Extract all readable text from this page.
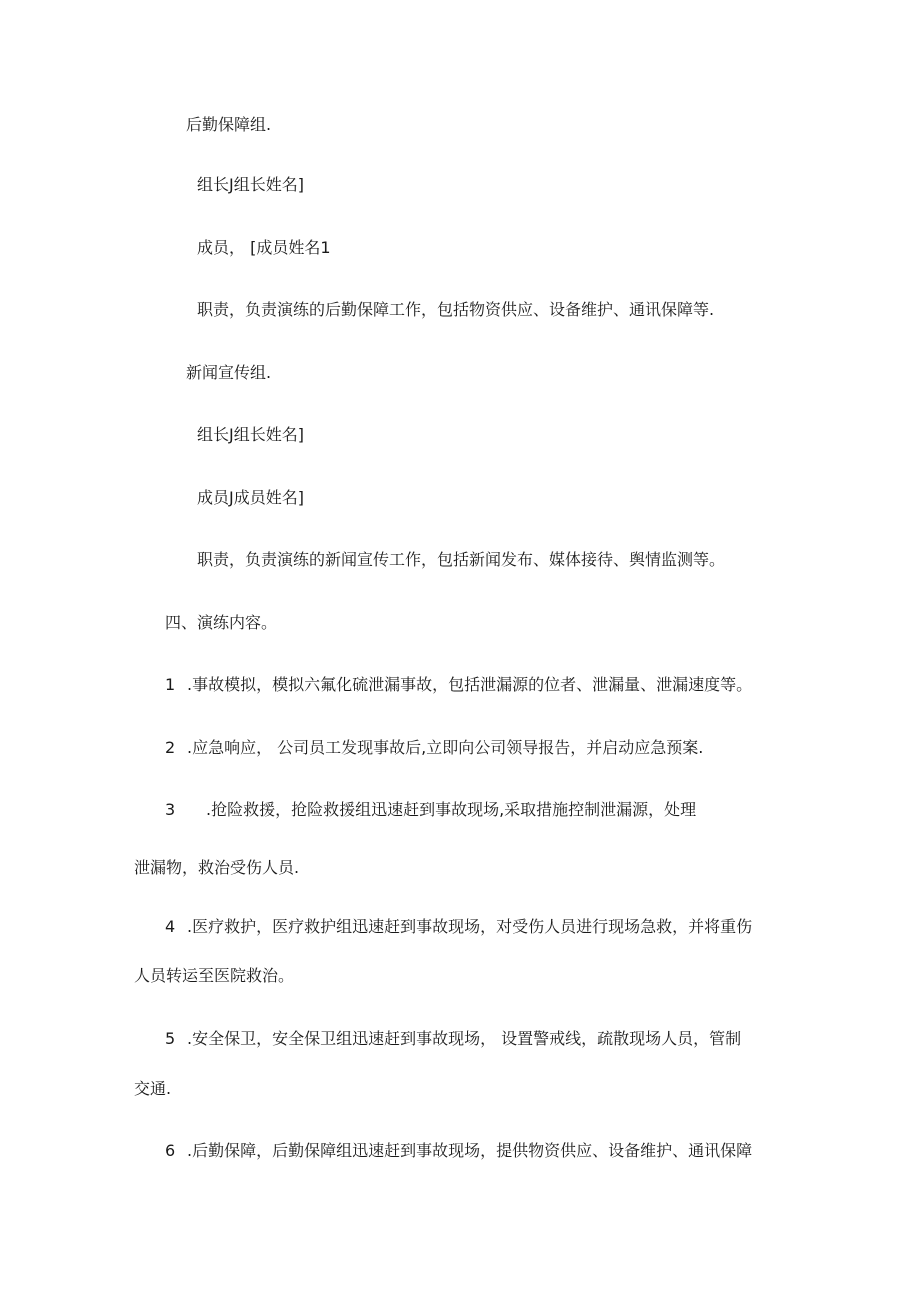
后勤保障组.

组长J组长姓名]

成员， [成员姓名1

职责，负责演练的后勤保障工作，包括物资供应、设备维护、通讯保障等.

新闻宣传组.

组长J组长姓名]

成员J成员姓名]

职责，负责演练的新闻宣传工作，包括新闻发布、媒体接待、舆情监测等。

四、演练内容。

1 .事故模拟，模拟六氟化硫泄漏事故，包括泄漏源的位者、泄漏量、泄漏速度等。

2 .应急响应， 公司员工发现事故后,立即向公司领导报告，并启动应急预案.

3 .抢险救援，抢险救援组迅速赶到事故现场,采取措施控制泄漏源，处理

泄漏物，救治受伤人员.

4 .医疗救护，医疗救护组迅速赶到事故现场，对受伤人员进行现场急救，并将重伤

人员转运至医院救治。

5 .安全保卫，安全保卫组迅速赶到事故现场， 设置警戒线，疏散现场人员，管制

交通.

6 .后勤保障，后勤保障组迅速赶到事故现场，提供物资供应、设备维护、通讯保障
